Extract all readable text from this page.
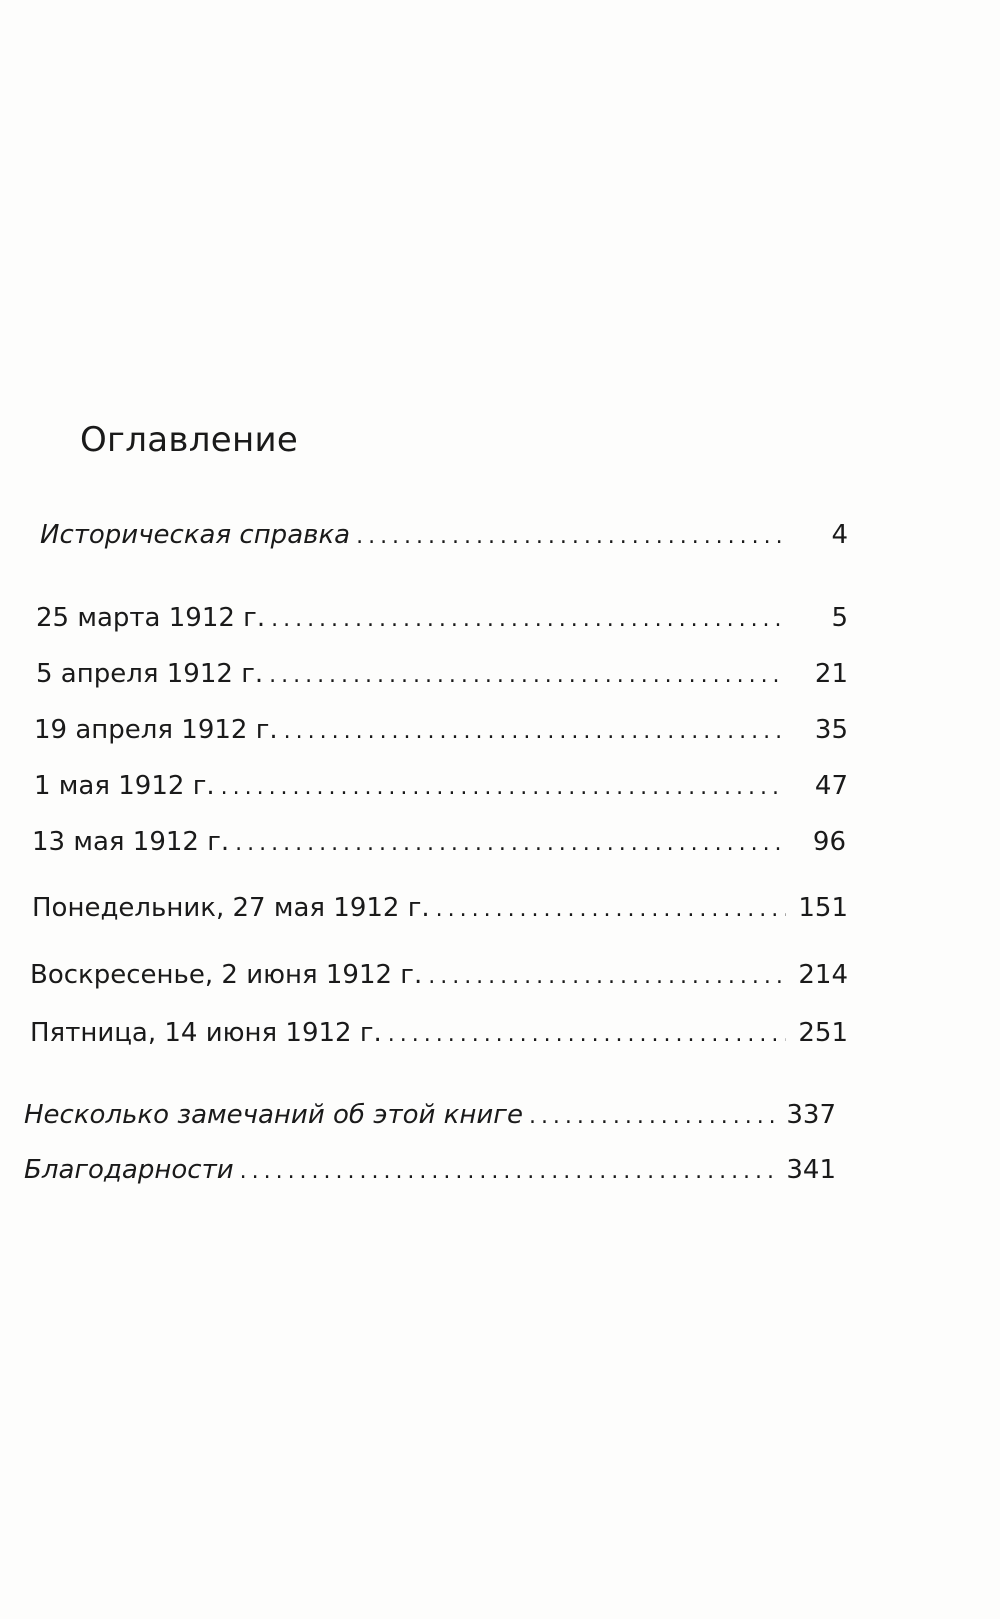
Оглавление
Историческая справка . . .	4
25 марта 1912 г. . . .	5
5 апреля 1912 г. . . .	21
19 апреля 1912 г. . . .	35
1 мая 1912 г. . . .	47
13 мая 1912 г. . . .	96
Понедельник, 27 мая 1912 г. . . .	151
Воскресенье, 2 июня 1912 г. . . .	214
Пятница, 14 июня 1912 г. . . .	251
Несколько замечаний об этой книге . . .	337
Благодарности . . .	341
